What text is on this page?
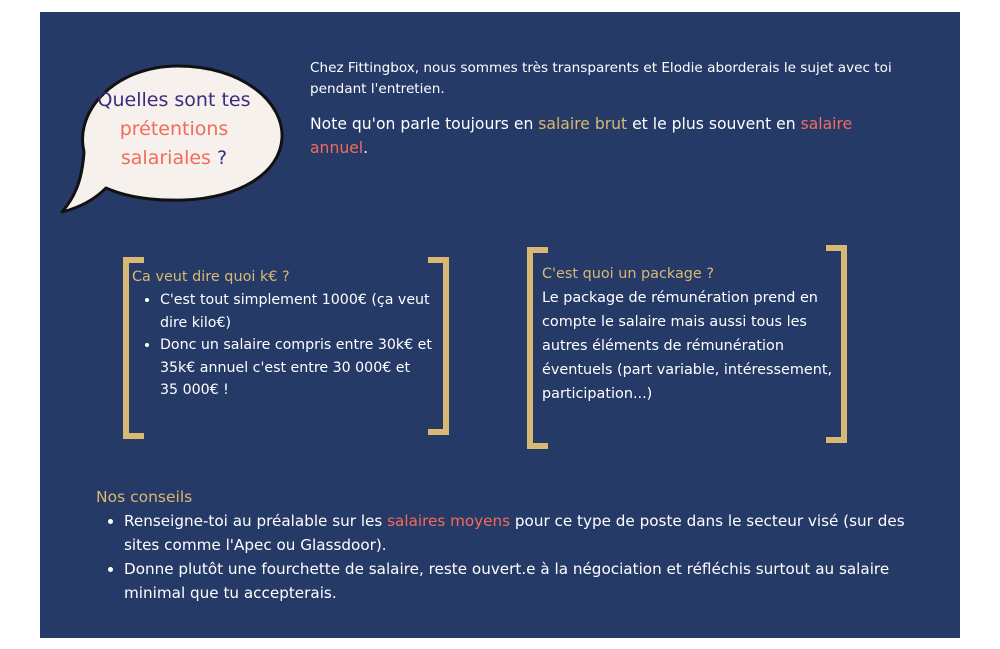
Quelles sont tes
prétentions
salariales ?

Chez Fittingbox, nous sommes très transparents et Elodie aborderais le sujet avec toi pendant l'entretien.

Note qu'on parle toujours en salaire brut et le plus souvent en salaire annuel.

Ca veut dire quoi k€ ?
• C'est tout simplement 1000€ (ça veut dire kilo€)
• Donc un salaire compris entre 30k€ et 35k€ annuel c'est entre 30 000€ et 35 000€ !
C'est quoi un package ?
Le package de rémunération prend en compte le salaire mais aussi tous les autres éléments de rémunération éventuels (part variable, intéressement, participation...)
Nos conseils
• Renseigne-toi au préalable sur les salaires moyens pour ce type de poste dans le secteur visé (sur des sites comme l'Apec ou Glassdoor).
• Donne plutôt une fourchette de salaire, reste ouvert.e à la négociation et réfléchis surtout au salaire minimal que tu accepterais.
